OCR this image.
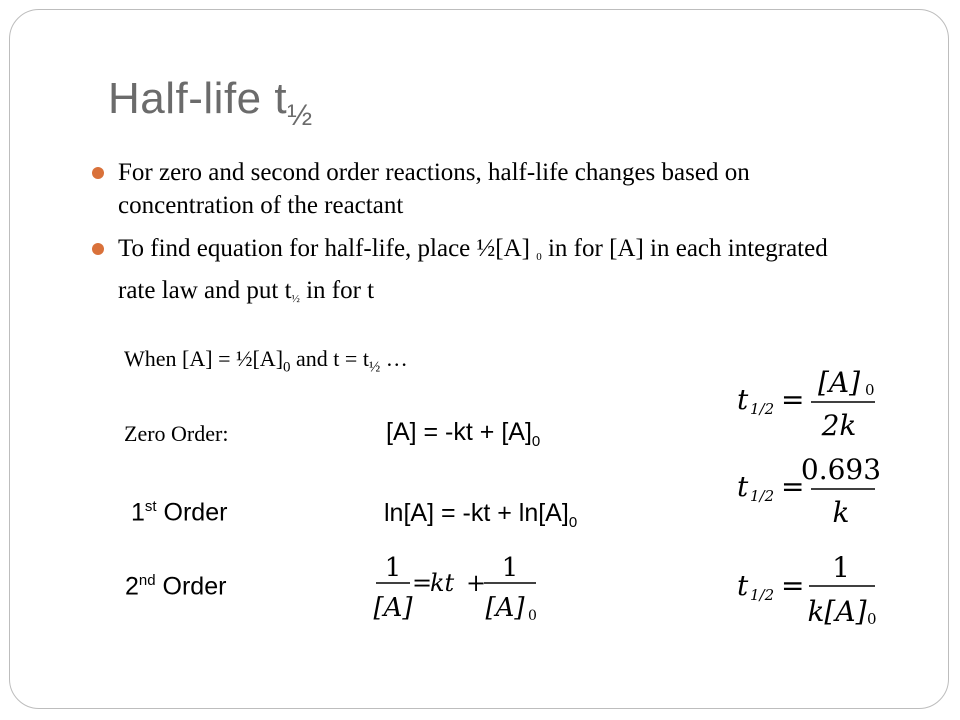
Half-life $t_{\frac{1}{2}}$
For zero and second order reactions, half-life changes based on concentration of the reactant
To find equation for half-life, place ½[A] 0 in for [A] in each integrated rate law and put t½ in for t
When $[A] = \frac{1}{2}[A]_0$ and $t = t_{\frac{1}{2}}$ …
Zero Order:	$[A] = -kt + [A]_0$
1st Order	$\ln[A] = -kt + \ln[A]_0$
2nd Order
1
[A]
=
kt + 1
[A] 0
t 1/2 =
[A] 0
2k
t 1/2 =
0.693
k
t 1/2 =
1
k[A] 0
